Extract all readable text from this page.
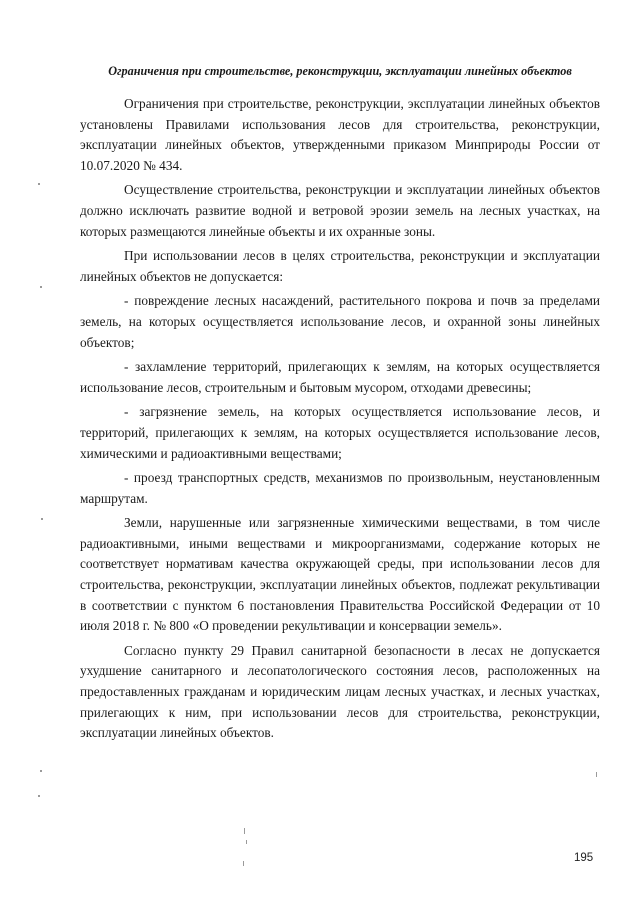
Ограничения при строительстве, реконструкции, эксплуатации линейных объектов

Ограничения при строительстве, реконструкции, эксплуатации линейных объектов установлены Правилами использования лесов для строительства, реконструкции, эксплуатации линейных объектов, утвержденными приказом Минприроды России от 10.07.2020 № 434.

Осуществление строительства, реконструкции и эксплуатации линейных объектов должно исключать развитие водной и ветровой эрозии земель на лесных участках, на которых размещаются линейные объекты и их охранные зоны.

При использовании лесов в целях строительства, реконструкции и эксплуатации линейных объектов не допускается:

- повреждение лесных насаждений, растительного покрова и почв за пределами земель, на которых осуществляется использование лесов, и охранной зоны линейных объектов;

- захламление территорий, прилегающих к землям, на которых осуществляется использование лесов, строительным и бытовым мусором, отходами древесины;

- загрязнение земель, на которых осуществляется использование лесов, и территорий, прилегающих к землям, на которых осуществляется использование лесов, химическими и радиоактивными веществами;

- проезд транспортных средств, механизмов по произвольным, неустановленным маршрутам.

Земли, нарушенные или загрязненные химическими веществами, в том числе радиоактивными, иными веществами и микроорганизмами, содержание которых не соответствует нормативам качества окружающей среды, при использовании лесов для строительства, реконструкции, эксплуатации линейных объектов, подлежат рекультивации в соответствии с пунктом 6 постановления Правительства Российской Федерации от 10 июля 2018 г. № 800 «О проведении рекультивации и консервации земель».

Согласно пункту 29 Правил санитарной безопасности в лесах не допускается ухудшение санитарного и лесопатологического состояния лесов, расположенных на предоставленных гражданам и юридическим лицам лесных участках, и лесных участках, прилегающих к ним, при использовании лесов для строительства, реконструкции, эксплуатации линейных объектов.

195
